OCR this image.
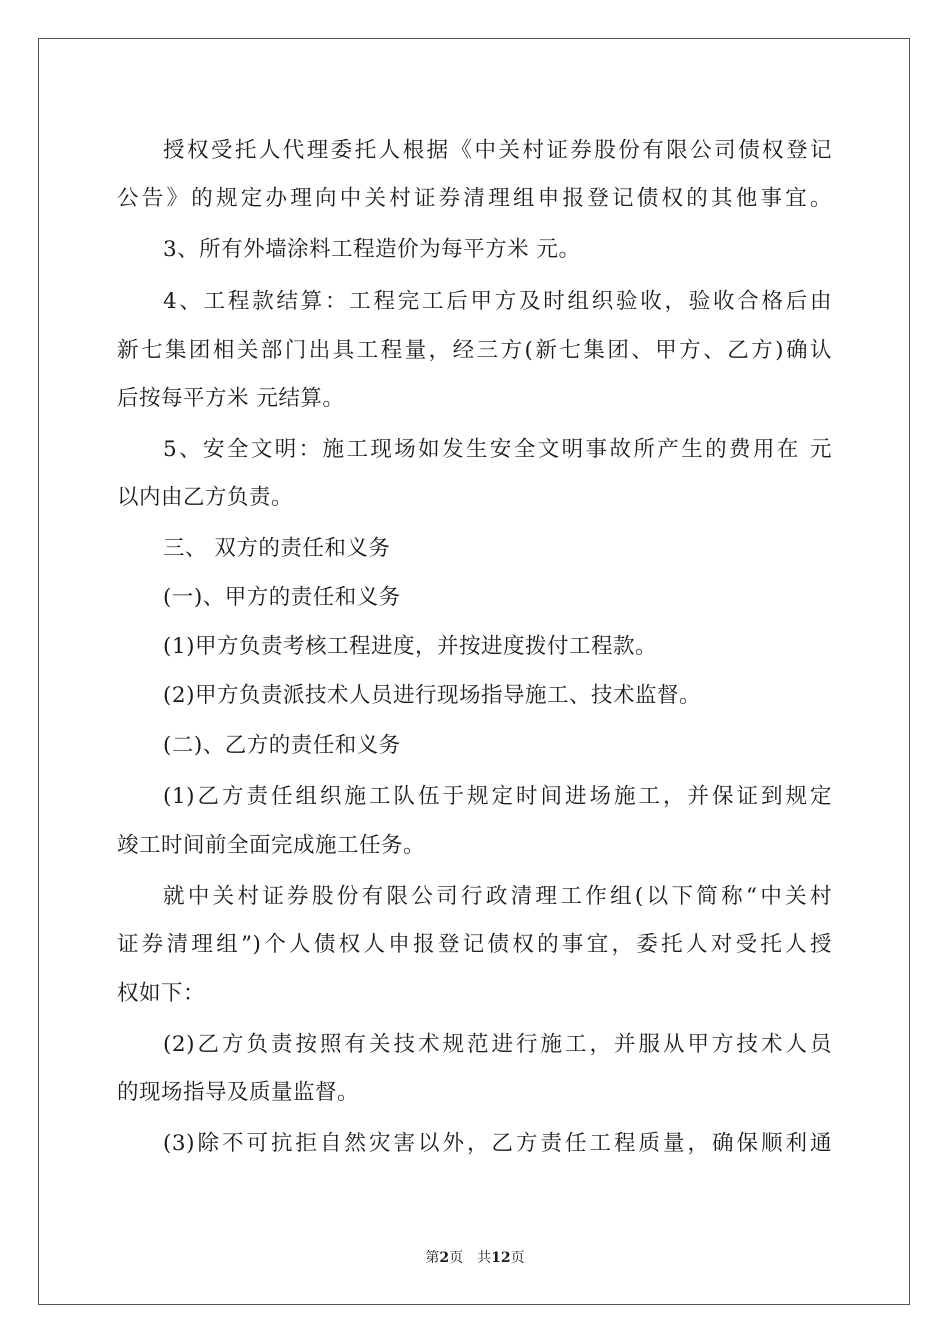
授权受托人代理委托人根据《中关村证券股份有限公司债权登记
公告》的规定办理向中关村证券清理组申报登记债权的其他事宜。
3、所有外墙涂料工程造价为每平方米 元。
4、工程款结算：工程完工后甲方及时组织验收，验收合格后由
新七集团相关部门出具工程量，经三方(新七集团、甲方、乙方)确认
后按每平方米 元结算。
5、安全文明：施工现场如发生安全文明事故所产生的费用在 元
以内由乙方负责。
三、 双方的责任和义务
(一)、甲方的责任和义务
(1)甲方负责考核工程进度，并按进度拨付工程款。
(2)甲方负责派技术人员进行现场指导施工、技术监督。
(二)、乙方的责任和义务
(1)乙方责任组织施工队伍于规定时间进场施工，并保证到规定
竣工时间前全面完成施工任务。
就中关村证券股份有限公司行政清理工作组(以下简称“中关村
证券清理组”)个人债权人申报登记债权的事宜，委托人对受托人授
权如下：
(2)乙方负责按照有关技术规范进行施工，并服从甲方技术人员
的现场指导及质量监督。
(3)除不可抗拒自然灾害以外，乙方责任工程质量，确保顺利通
第2页　共12页
